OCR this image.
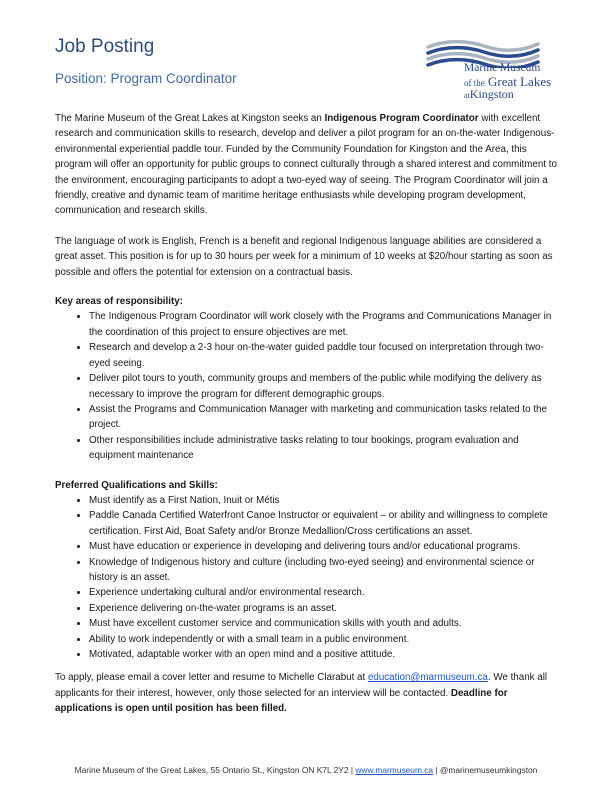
Job Posting
Position: Program Coordinator
Marine Museum
of the Great Lakes
atKingston

The Marine Museum of the Great Lakes at Kingston seeks an Indigenous Program Coordinator with excellent research and communication skills to research, develop and deliver a pilot program for an on-the-water Indigenous-environmental experiential paddle tour. Funded by the Community Foundation for Kingston and the Area, this program will offer an opportunity for public groups to connect culturally through a shared interest and commitment to the environment, encouraging participants to adopt a two-eyed way of seeing. The Program Coordinator will join a friendly, creative and dynamic team of maritime heritage enthusiasts while developing program development, communication and research skills.

The language of work is English, French is a benefit and regional Indigenous language abilities are considered a great asset. This position is for up to 30 hours per week for a minimum of 10 weeks at $20/hour starting as soon as possible and offers the potential for extension on a contractual basis.

Key areas of responsibility:

• The Indigenous Program Coordinator will work closely with the Programs and Communications Manager in the coordination of this project to ensure objectives are met.
• Research and develop a 2-3 hour on-the-water guided paddle tour focused on interpretation through two-eyed seeing.
• Deliver pilot tours to youth, community groups and members of the public while modifying the delivery as necessary to improve the program for different demographic groups.
• Assist the Programs and Communication Manager with marketing and communication tasks related to the project.
• Other responsibilities include administrative tasks relating to tour bookings, program evaluation and equipment maintenance

Preferred Qualifications and Skills:

• Must identify as a First Nation, Inuit or Métis
• Paddle Canada Certified Waterfront Canoe Instructor or equivalent – or ability and willingness to complete certification. First Aid, Boat Safety and/or Bronze Medallion/Cross certifications an asset.
• Must have education or experience in developing and delivering tours and/or educational programs.
• Knowledge of Indigenous history and culture (including two-eyed seeing) and environmental science or history is an asset.
• Experience undertaking cultural and/or environmental research.
• Experience delivering on-the-water programs is an asset.
• Must have excellent customer service and communication skills with youth and adults.
• Ability to work independently or with a small team in a public environment.
• Motivated, adaptable worker with an open mind and a positive attitude.

To apply, please email a cover letter and resume to Michelle Clarabut at education@marmuseum.ca. We thank all applicants for their interest, however, only those selected for an interview will be contacted. Deadline for applications is open until position has been filled.

Marine Museum of the Great Lakes, 55 Ontario St., Kingston ON K7L 2Y2 | www.marmuseum.ca | @marinemuseumkingston
